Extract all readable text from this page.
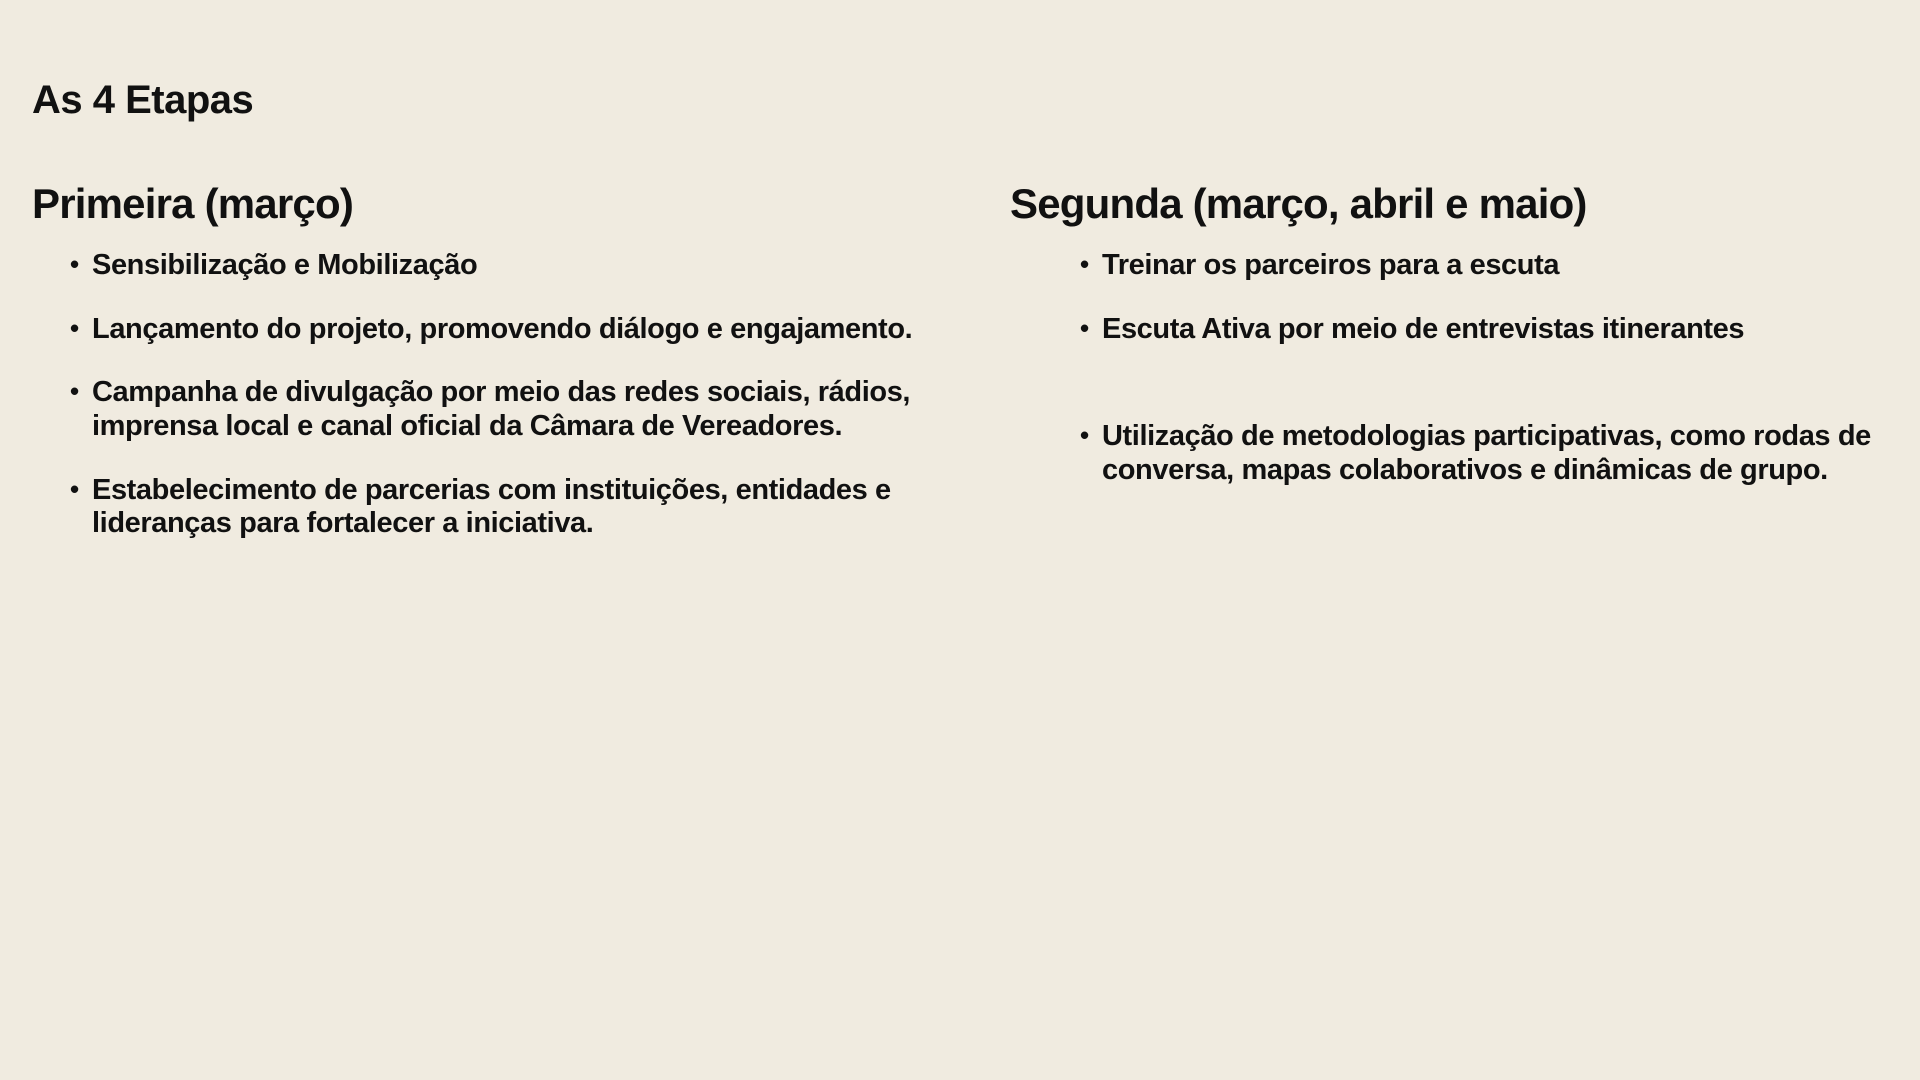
As 4 Etapas
Primeira (março)
• Sensibilização e Mobilização
• Lançamento do projeto, promovendo diálogo e engajamento.
• Campanha de divulgação por meio das redes sociais, rádios, imprensa local e canal oficial da Câmara de Vereadores.
• Estabelecimento de parcerias com instituições, entidades e lideranças para fortalecer a iniciativa.
Segunda (março, abril e maio)
• Treinar os parceiros para a escuta
• Escuta Ativa por meio de entrevistas itinerantes
• Utilização de metodologias participativas, como rodas de conversa, mapas colaborativos e dinâmicas de grupo.
